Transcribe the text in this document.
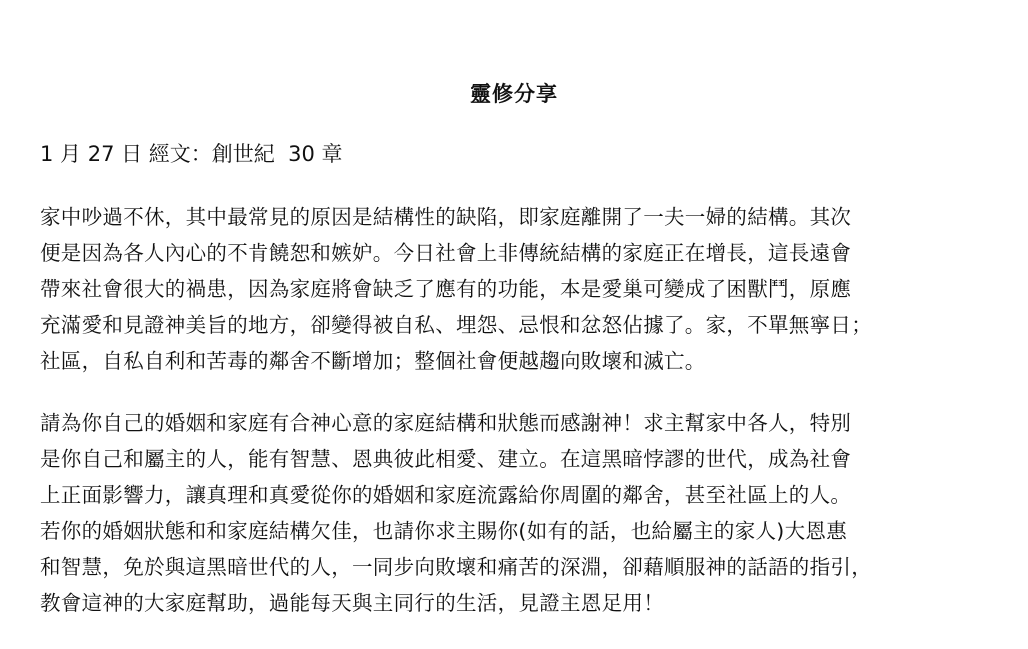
靈修分享
1 月 27 日 經文：創世紀  30 章
家中吵過不休，其中最常見的原因是結構性的缺陷，即家庭離開了一夫一婦的結構。其次
便是因為各人內心的不肯饒恕和嫉妒。今日社會上非傳統結構的家庭正在增長，這長遠會
帶來社會很大的禍患，因為家庭將會缺乏了應有的功能，本是愛巢可變成了困獸鬥，原應
充滿愛和見證神美旨的地方，卻變得被自私、埋怨、忌恨和忿怒佔據了。家，不單無寧日；
社區，自私自利和苦毒的鄰舍不斷增加；整個社會便越趨向敗壞和滅亡。
請為你自己的婚姻和家庭有合神心意的家庭結構和狀態而感謝神！求主幫家中各人，特別
是你自己和屬主的人，能有智慧、恩典彼此相愛、建立。在這黑暗悖謬的世代，成為社會
上正面影響力，讓真理和真愛從你的婚姻和家庭流露給你周圍的鄰舍，甚至社區上的人。
若你的婚姻狀態和和家庭結構欠佳，也請你求主賜你(如有的話，也給屬主的家人)大恩惠
和智慧，免於與這黑暗世代的人，一同步向敗壞和痛苦的深淵，卻藉順服神的話語的指引，
教會這神的大家庭幫助，過能每天與主同行的生活，見證主恩足用！
